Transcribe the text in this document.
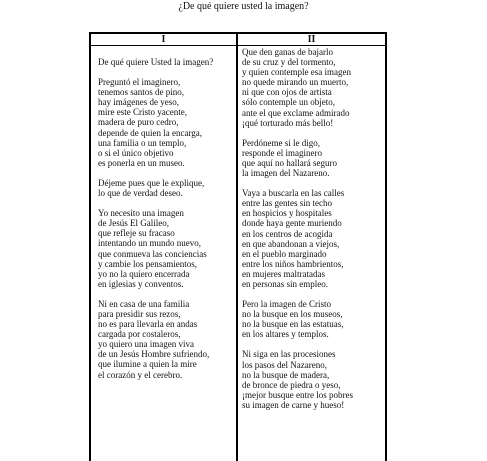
¿De qué quiere usted la imagen?
I
De qué quiere Usted la imagen?
Preguntó el imaginero,
tenemos santos de pino,
hay imágenes de yeso,
mire este Cristo yacente,
madera de puro cedro,
depende de quien la encarga,
una familia o un templo,
o si el único objetivo
es ponerla en un museo.
Déjeme pues que le explique,
lo que de verdad deseo.
Yo necesito una imagen
de Jesús El Galileo,
que refleje su fracaso
intentando un mundo nuevo,
que conmueva las conciencias
y cambie los pensamientos,
yo no la quiero encerrada
en iglesias y conventos.
Ni en casa de una familia
para presidir sus rezos,
no es para llevarla en andas
cargada por costaleros,
yo quiero una imagen viva
de un Jesús Hombre sufriendo,
que ilumine a quien la mire
el corazón y el cerebro.
II
Que den ganas de bajarlo
de su cruz y del tormento,
y quien contemple esa imagen
no quede mirando un muerto,
ni que con ojos de artista
sólo contemple un objeto,
ante el que exclame admirado
¡qué torturado más bello!
Perdóneme si le digo,
responde el imaginero
que aquí no hallará seguro
la imagen del Nazareno.
Vaya a buscarla en las calles
entre las gentes sin techo
en hospicios y hospitales
donde haya gente muriendo
en los centros de acogida
en que abandonan a viejos,
en el pueblo marginado
entre los niños hambrientos,
en mujeres maltratadas
en personas sin empleo.
Pero la imagen de Cristo
no la busque en los museos,
no la busque en las estatuas,
en los altares y templos.
Ni siga en las procesiones
los pasos del Nazareno,
no la busque de madera,
de bronce de piedra o yeso,
¡mejor busque entre los pobres
su imagen de carne y hueso!
